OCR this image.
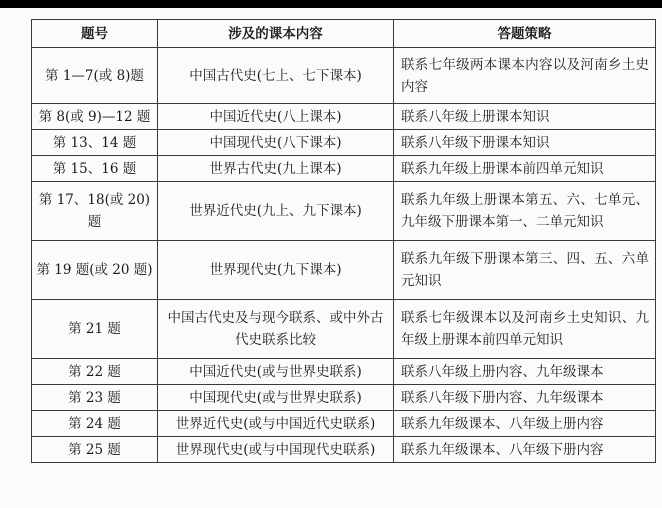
题号	涉及的课本内容	答题策略
第 1—7(或 8)题	中国古代史(七上、七下课本)	联系七年级两本课本内容以及河南乡土史内容
第 8(或 9)—12 题	中国近代史(八上课本)	联系八年级上册课本知识
第 13、14 题	中国现代史(八下课本)	联系八年级下册课本知识
第 15、16 题	世界古代史(九上课本)	联系九年级上册课本前四单元知识
第 17、18(或 20)题	世界近代史(九上、九下课本)	联系九年级上册课本第五、六、七单元、九年级下册课本第一、二单元知识
第 19 题(或 20 题)	世界现代史(九下课本)	联系九年级下册课本第三、四、五、六单元知识
第 21 题	中国古代史及与现今联系、或中外古代史联系比较	联系七年级课本以及河南乡土史知识、九年级上册课本前四单元知识
第 22 题	中国近代史(或与世界史联系)	联系八年级上册内容、九年级课本
第 23 题	中国现代史(或与世界史联系)	联系八年级下册内容、九年级课本
第 24 题	世界近代史(或与中国近代史联系)	联系九年级课本、八年级上册内容
第 25 题	世界现代史(或与中国现代史联系)	联系九年级课本、八年级下册内容
